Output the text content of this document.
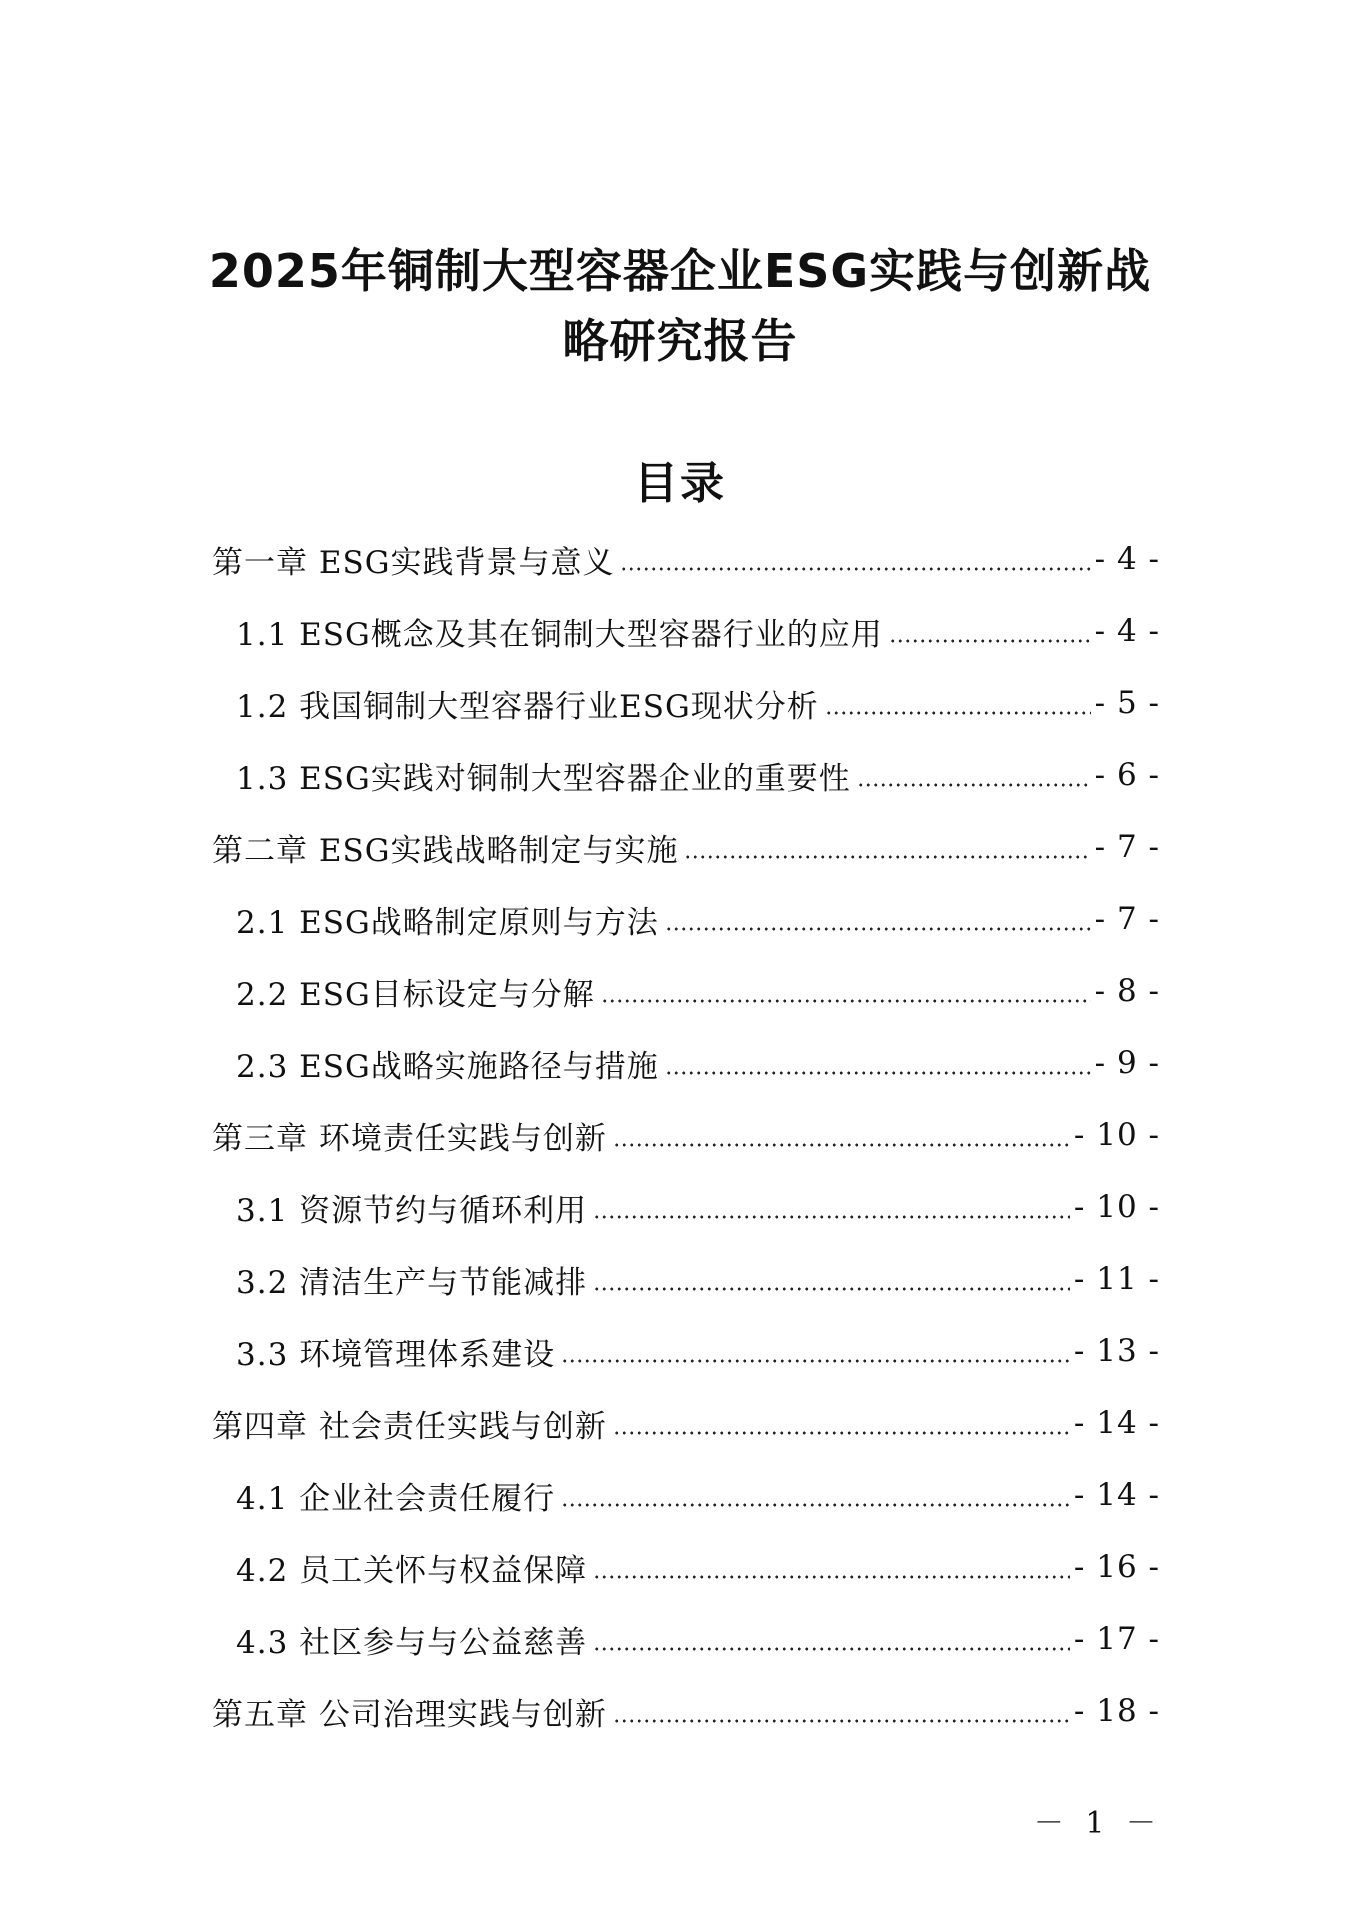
2025年铜制大型容器企业ESG实践与创新战
略研究报告
目录
第一章 ESG实践背景与意义	- 4 -
1.1 ESG概念及其在铜制大型容器行业的应用	- 4 -
1.2 我国铜制大型容器行业ESG现状分析	- 5 -
1.3 ESG实践对铜制大型容器企业的重要性	- 6 -
第二章 ESG实践战略制定与实施	- 7 -
2.1 ESG战略制定原则与方法	- 7 -
2.2 ESG目标设定与分解	- 8 -
2.3 ESG战略实施路径与措施	- 9 -
第三章 环境责任实践与创新	- 10 -
3.1 资源节约与循环利用	- 10 -
3.2 清洁生产与节能减排	- 11 -
3.3 环境管理体系建设	- 13 -
第四章 社会责任实践与创新	- 14 -
4.1 企业社会责任履行	- 14 -
4.2 员工关怀与权益保障	- 16 -
4.3 社区参与与公益慈善	- 17 -
第五章 公司治理实践与创新	- 18 -
－ 1 －
